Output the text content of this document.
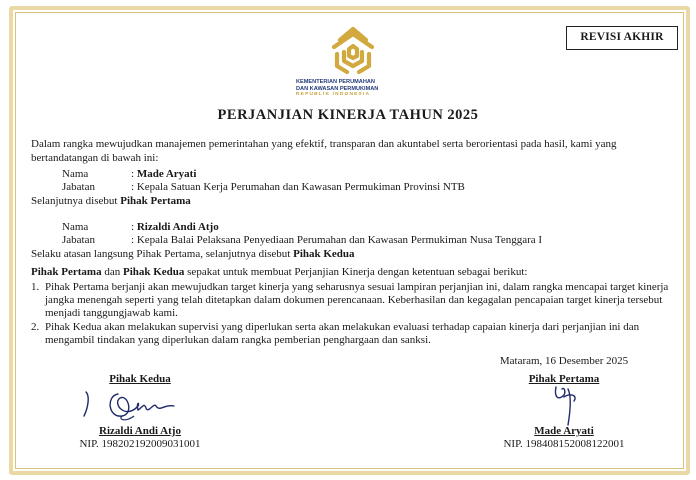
REVISI AKHIR
KEMENTERIAN PERUMAHAN
DAN KAWASAN PERMUKIMAN
REPUBLIK INDONESIA
PERJANJIAN KINERJA TAHUN 2025
Dalam rangka mewujudkan manajemen pemerintahan yang efektif, transparan dan akuntabel serta berorientasi pada hasil, kami yang bertandatangan di bawah ini:
Nama	: Made Aryati
Jabatan	: Kepala Satuan Kerja Perumahan dan Kawasan Permukiman Provinsi NTB
Selanjutnya disebut Pihak Pertama
Nama	: Rizaldi Andi Atjo
Jabatan	: Kepala Balai Pelaksana Penyediaan Perumahan dan Kawasan Permukiman Nusa Tenggara I
Selaku atasan langsung Pihak Pertama, selanjutnya disebut Pihak Kedua
Pihak Pertama dan Pihak Kedua sepakat untuk membuat Perjanjian Kinerja dengan ketentuan sebagai berikut:
1. Pihak Pertama berjanji akan mewujudkan target kinerja yang seharusnya sesuai lampiran perjanjian ini, dalam rangka mencapai target kinerja jangka menengah seperti yang telah ditetapkan dalam dokumen perencanaan. Keberhasilan dan kegagalan pencapaian target kinerja tersebut menjadi tanggungjawab kami.
2. Pihak Kedua akan melakukan supervisi yang diperlukan serta akan melakukan evaluasi terhadap capaian kinerja dari perjanjian ini dan mengambil tindakan yang diperlukan dalam rangka pemberian penghargaan dan sanksi.
Pihak Kedua
Rizaldi Andi Atjo
NIP. 198202192009031001
Mataram, 16 Desember 2025
Pihak Pertama
Made Aryati
NIP. 198408152008122001
